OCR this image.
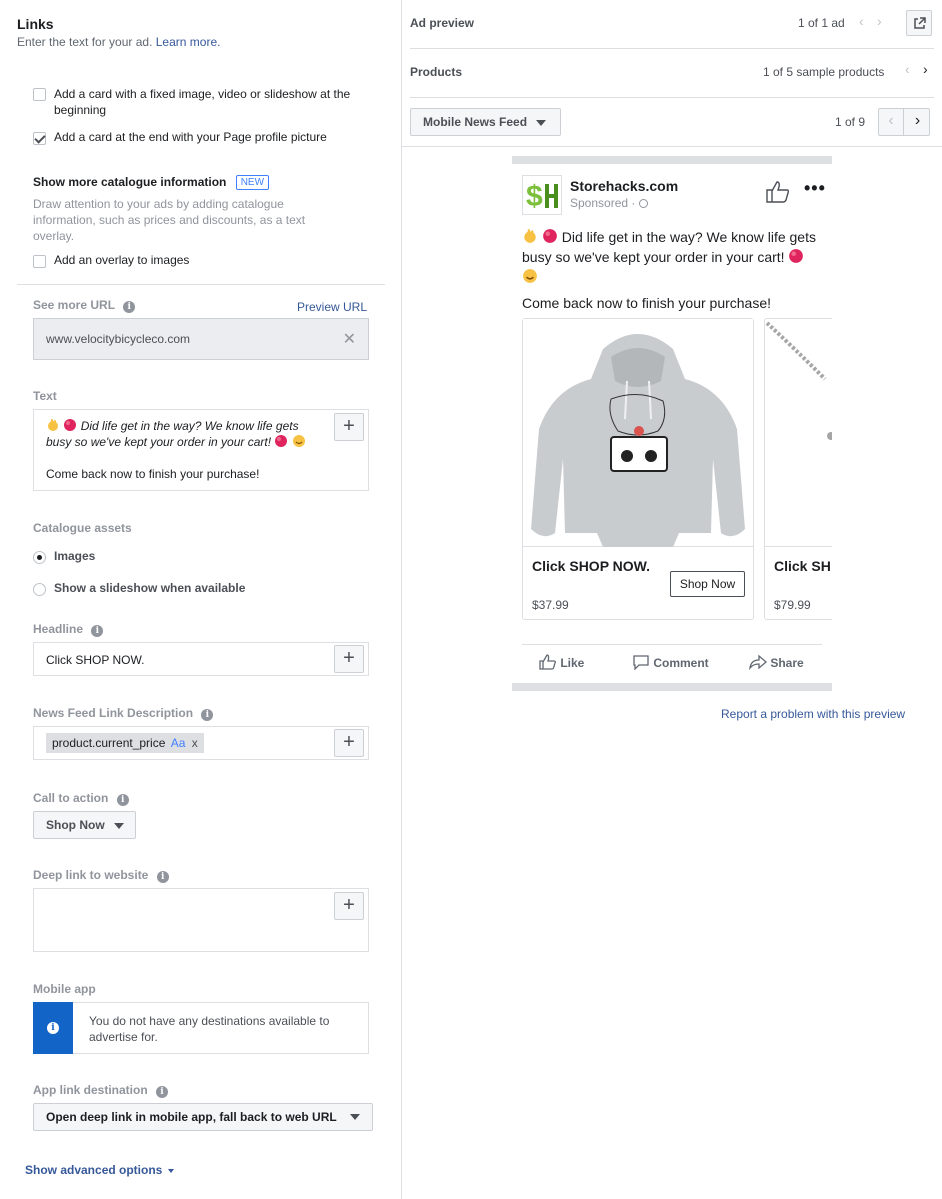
Links
Enter the text for your ad. Learn more.
Add a card with a fixed image, video or slideshow at the beginning
Add a card at the end with your Page profile picture
Show more catalogue information NEW
Draw attention to your ads by adding catalogue information, such as prices and discounts, as a text overlay.
Add an overlay to images
See more URL i	Preview URL
www.velocitybicycleco.com	✕
Text
Did life get in the way? We know life gets
busy so we've kept your order in your cart!
Come back now to finish your purchase!
+
Catalogue assets
Images
Show a slideshow when available
Headline i
Click SHOP NOW.	+
News Feed Link Description i
product.current_price Aa x	+
Call to action i
Shop Now
Deep link to website i
+
Mobile app
i	You do not have any destinations available to advertise for.
App link destination i
Open deep link in mobile app, fall back to web URL
Show advanced options
Ad preview	1 of 1 ad ‹ ›
Products	1 of 5 sample products ‹ ›
Mobile News Feed	1 of 9	‹	›
$ Storehacks.com
Sponsored ·
•••
Did life get in the way? We know life gets
busy so we've kept your order in your cart!
Come back now to finish your purchase!
Click SHOP NOW.
Shop Now
$37.99
Click SH
$79.99
Like	Comment	Share
Report a problem with this preview
